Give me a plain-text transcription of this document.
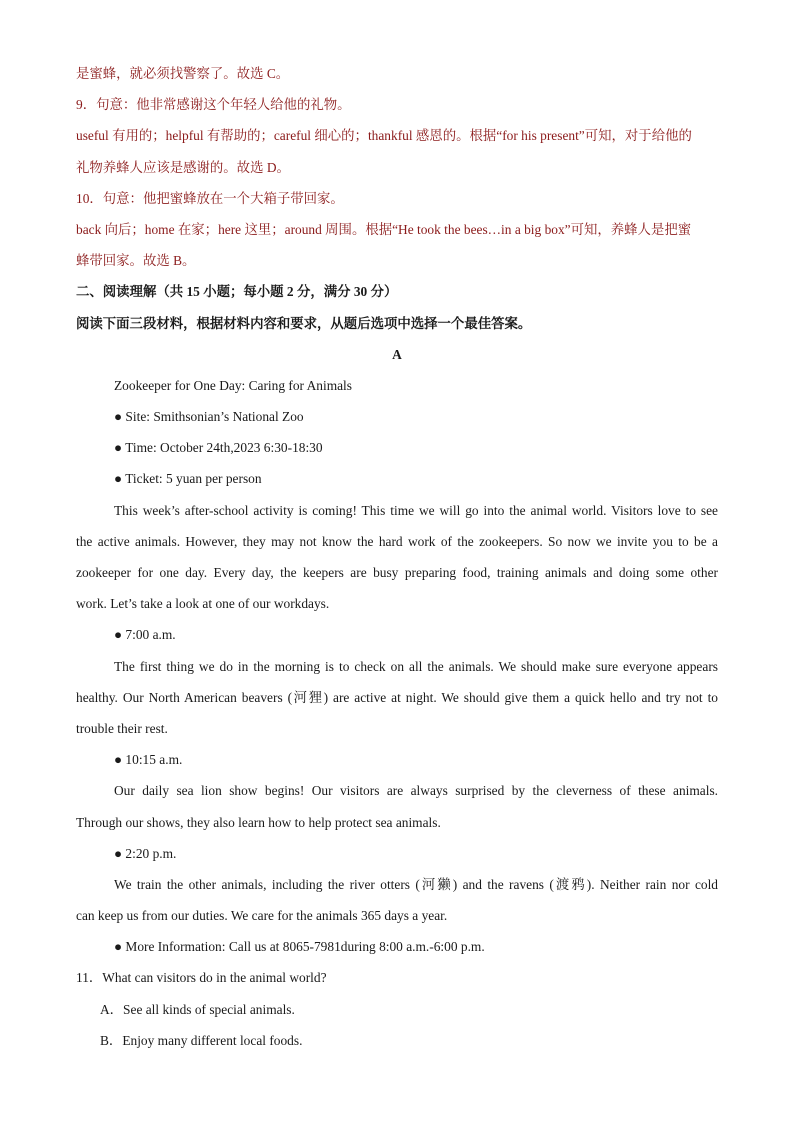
是蜜蜂，就必须找警察了。故选 C。
9．句意：他非常感谢这个年轻人给他的礼物。
useful 有用的；helpful 有帮助的；careful 细心的；thankful 感恩的。根据“for his present”可知，对于给他的
礼物养蜂人应该是感谢的。故选 D。
10．句意：他把蜜蜂放在一个大箱子带回家。
back 向后；home 在家；here 这里；around 周围。根据“He took the bees…in a big box”可知，养蜂人是把蜜
蜂带回家。故选 B。
二、阅读理解（共 15 小题；每小题 2 分，满分 30 分）
阅读下面三段材料，根据材料内容和要求，从题后选项中选择一个最佳答案。
A
Zookeeper for One Day: Caring for Animals
● Site: Smithsonian’s National Zoo
● Time: October 24th,2023 6:30-18:30
● Ticket: 5 yuan per person
This week’s after-school activity is coming! This time we will go into the animal world. Visitors love to see
the active animals. However, they may not know the hard work of the zookeepers. So now we invite you to be a
zookeeper for one day. Every day, the keepers are busy preparing food, training animals and doing some other
work. Let’s take a look at one of our workdays.
● 7:00 a.m.
The first thing we do in the morning is to check on all the animals. We should make sure everyone appears
healthy. Our North American beavers (河狸) are active at night. We should give them a quick hello and try not to
trouble their rest.
● 10:15 a.m.
Our daily sea lion show begins! Our visitors are always surprised by the cleverness of these animals.
Through our shows, they also learn how to help protect sea animals.
● 2:20 p.m.
We train the other animals, including the river otters (河獭) and the ravens (渡鸦). Neither rain nor cold
can keep us from our duties. We care for the animals 365 days a year.
● More Information: Call us at 8065-7981during 8:00 a.m.-6:00 p.m.
11．What can visitors do in the animal world?
A．See all kinds of special animals.
B．Enjoy many different local foods.
